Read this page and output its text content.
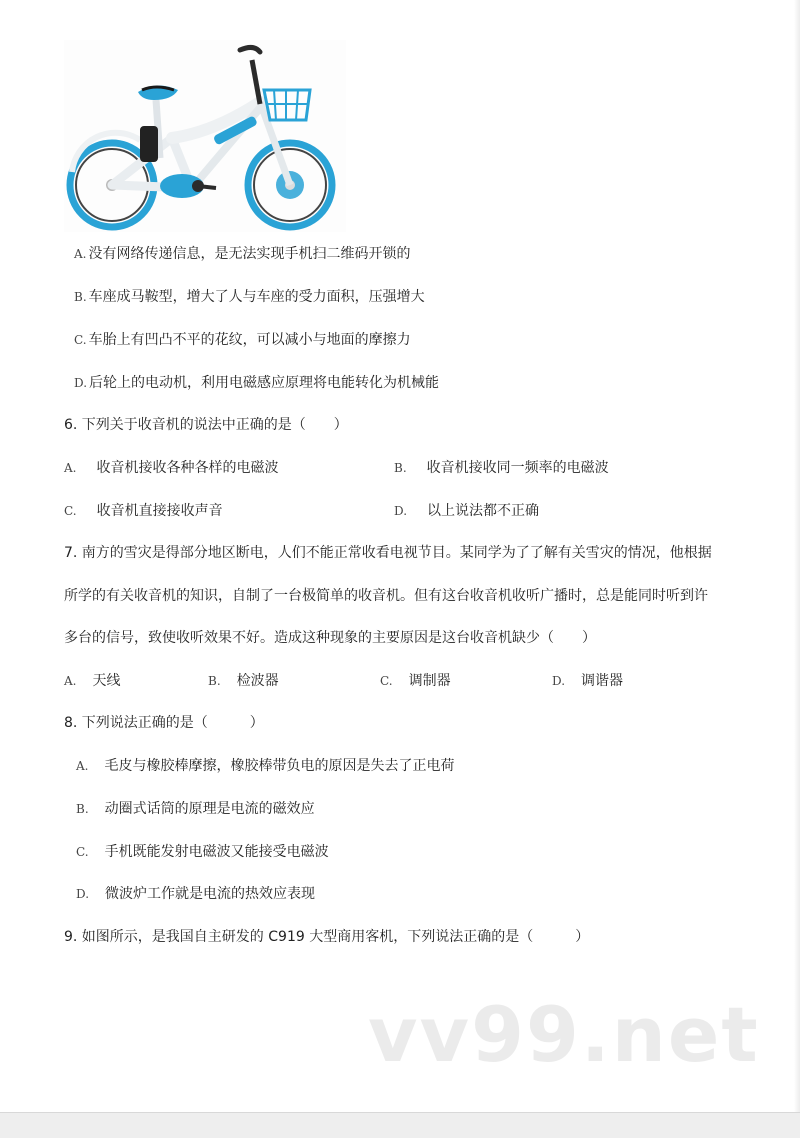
A. 没有网络传递信息，是无法实现手机扫二维码开锁的
B. 车座成马鞍型，增大了人与车座的受力面积，压强增大
C. 车胎上有凹凸不平的花纹，可以减小与地面的摩擦力
D. 后轮上的电动机，利用电磁感应原理将电能转化为机械能
6. 下列关于收音机的说法中正确的是（　　）
A. 收音机接收各种各样的电磁波	B. 收音机接收同一频率的电磁波
C. 收音机直接接收声音	D. 以上说法都不正确
7. 南方的雪灾是得部分地区断电，人们不能正常收看电视节目。某同学为了了解有关雪灾的情况，他根据
所学的有关收音机的知识，自制了一台极简单的收音机。但有这台收音机收听广播时，总是能同时听到许
多台的信号，致使收听效果不好。造成这种现象的主要原因是这台收音机缺少（　　）
A. 天线	B. 检波器	C. 调制器	D. 调谐器
8. 下列说法正确的是（　　　）
A. 毛皮与橡胶棒摩擦，橡胶棒带负电的原因是失去了正电荷
B. 动圈式话筒的原理是电流的磁效应
C. 手机既能发射电磁波又能接受电磁波
D. 微波炉工作就是电流的热效应表现
9. 如图所示，是我国自主研发的 C919 大型商用客机，下列说法正确的是（　　　）
vv99.net
